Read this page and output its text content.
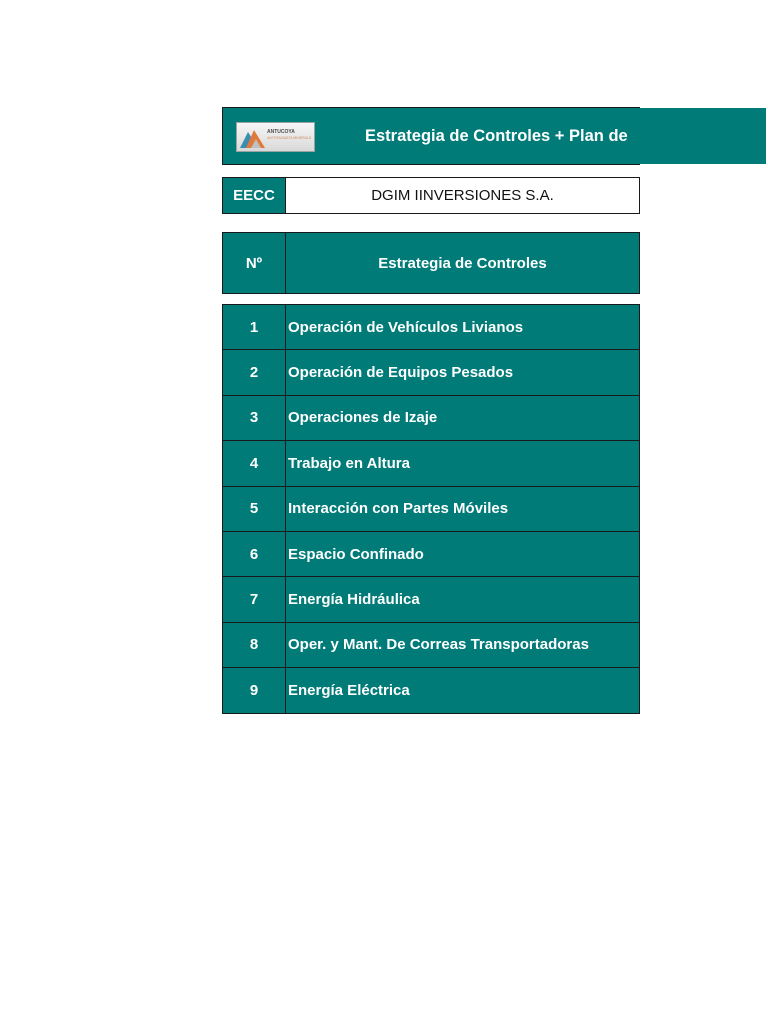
Estrategia de Controles + Plan de
ANTUCOYA
ANTOFAGASTA MINERALS
EECC	DGIM IINVERSIONES S.A.
Nº	Estrategia de Controles
1	Operación de Vehículos Livianos
2	Operación de Equipos Pesados
3	Operaciones de Izaje
4	Trabajo en Altura
5	Interacción con Partes Móviles
6	Espacio Confinado
7	Energía Hidráulica
8	Oper. y Mant. De Correas Transportadoras
9	Energía Eléctrica
